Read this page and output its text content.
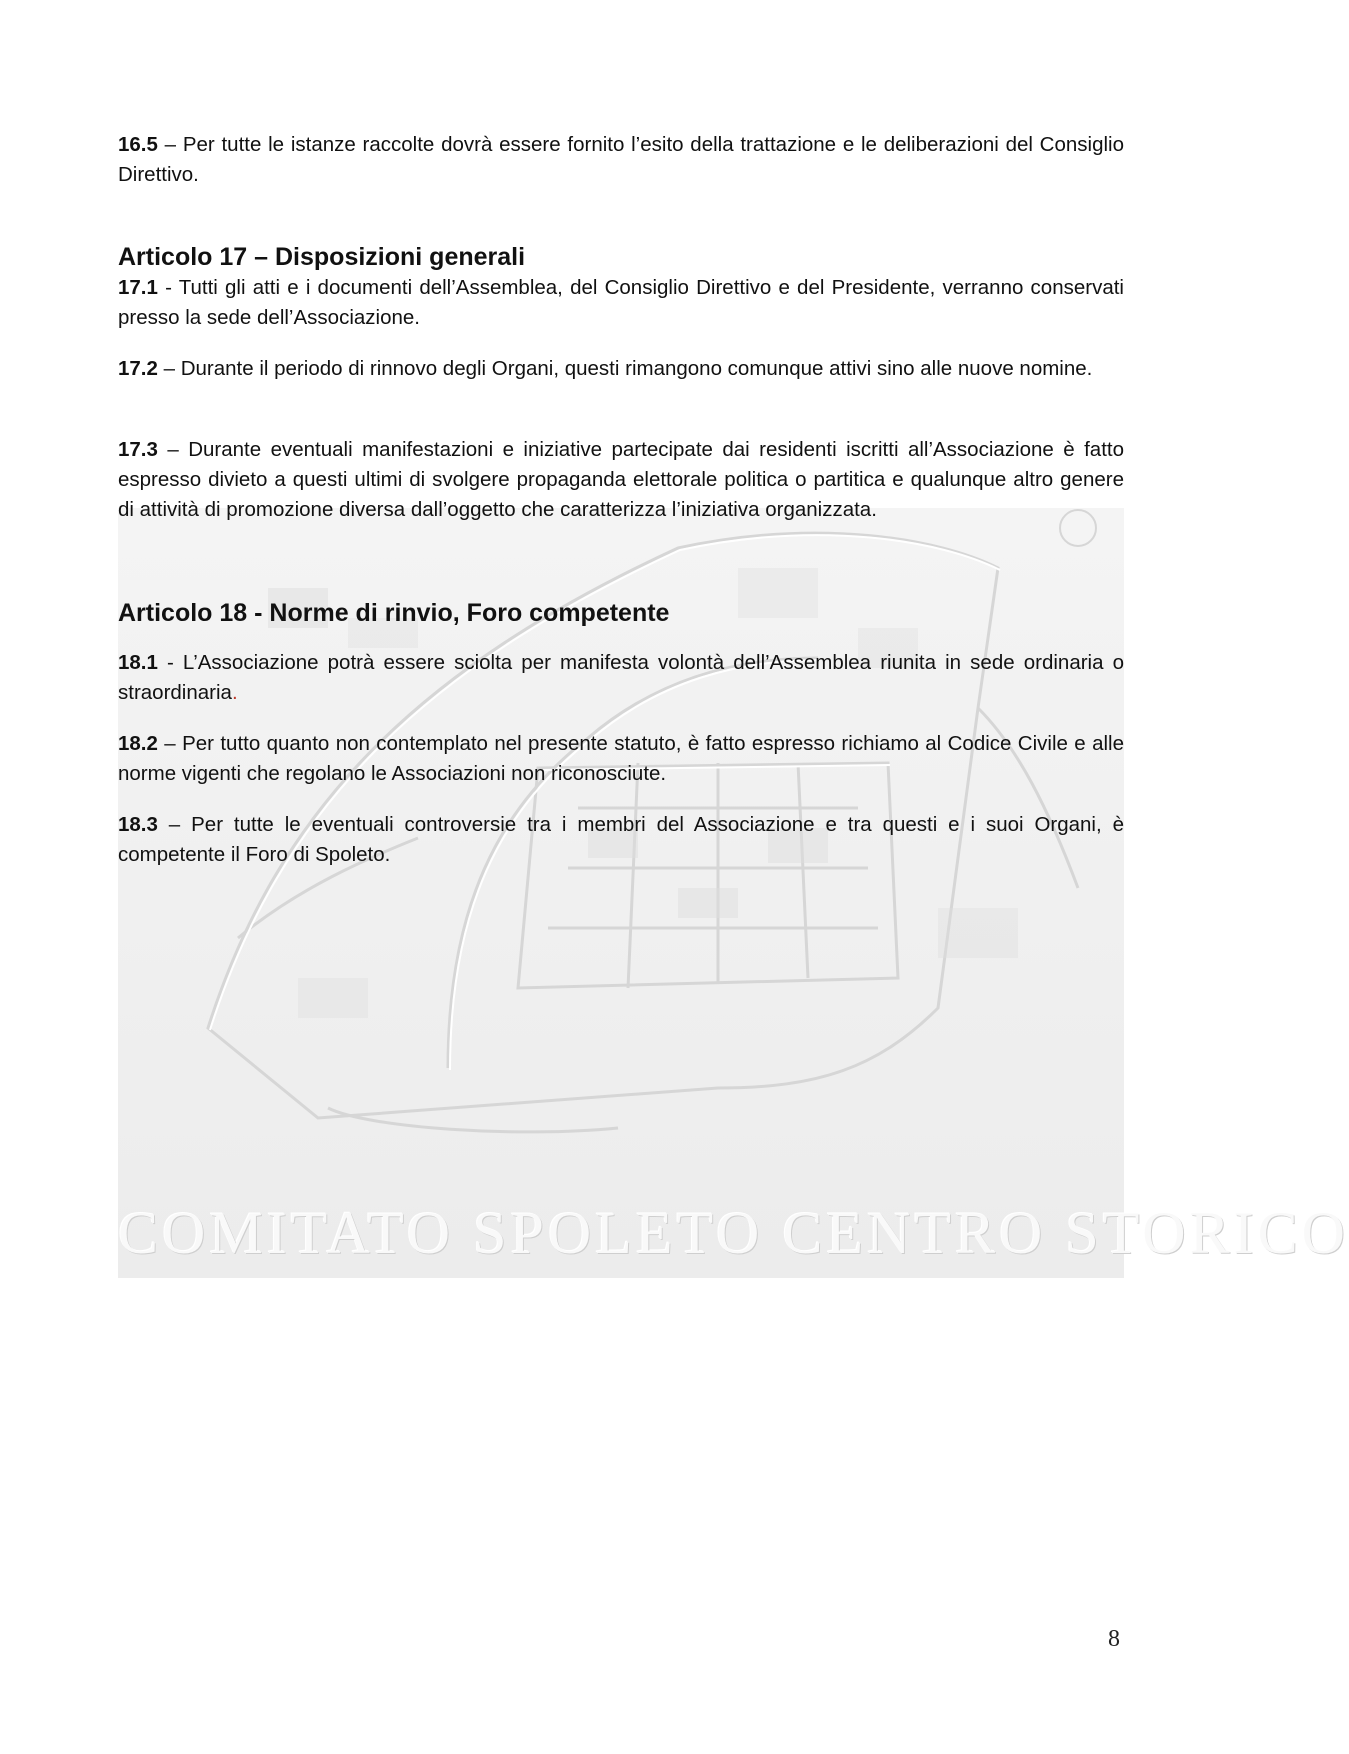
COMITATO SPOLETO CENTRO STORICO

16.5 – Per tutte le istanze raccolte dovrà essere fornito l’esito della trattazione e le deliberazioni del Consiglio Direttivo.

Articolo 17 – Disposizioni generali

17.1 - Tutti gli atti e i documenti dell’Assemblea, del Consiglio Direttivo e del Presidente, verranno conservati presso la sede dell’Associazione.

17.2 – Durante il periodo di rinnovo degli Organi, questi rimangono comunque attivi sino alle nuove nomine.

17.3 – Durante eventuali manifestazioni e iniziative partecipate dai residenti iscritti all’Associazione è fatto espresso divieto a questi ultimi di svolgere propaganda elettorale politica o partitica e qualunque altro genere di attività di promozione diversa dall’oggetto che caratterizza l’iniziativa organizzata.

Articolo 18 - Norme di rinvio, Foro competente

18.1 - L’Associazione potrà essere sciolta per manifesta volontà dell’Assemblea riunita in sede ordinaria o straordinaria.

18.2 – Per tutto quanto non contemplato nel presente statuto, è fatto espresso richiamo al Codice Civile e alle norme vigenti che regolano le Associazioni non riconosciute.

18.3 – Per tutte le eventuali controversie tra i membri del Associazione e tra questi e i suoi Organi, è competente il Foro di Spoleto.

8
